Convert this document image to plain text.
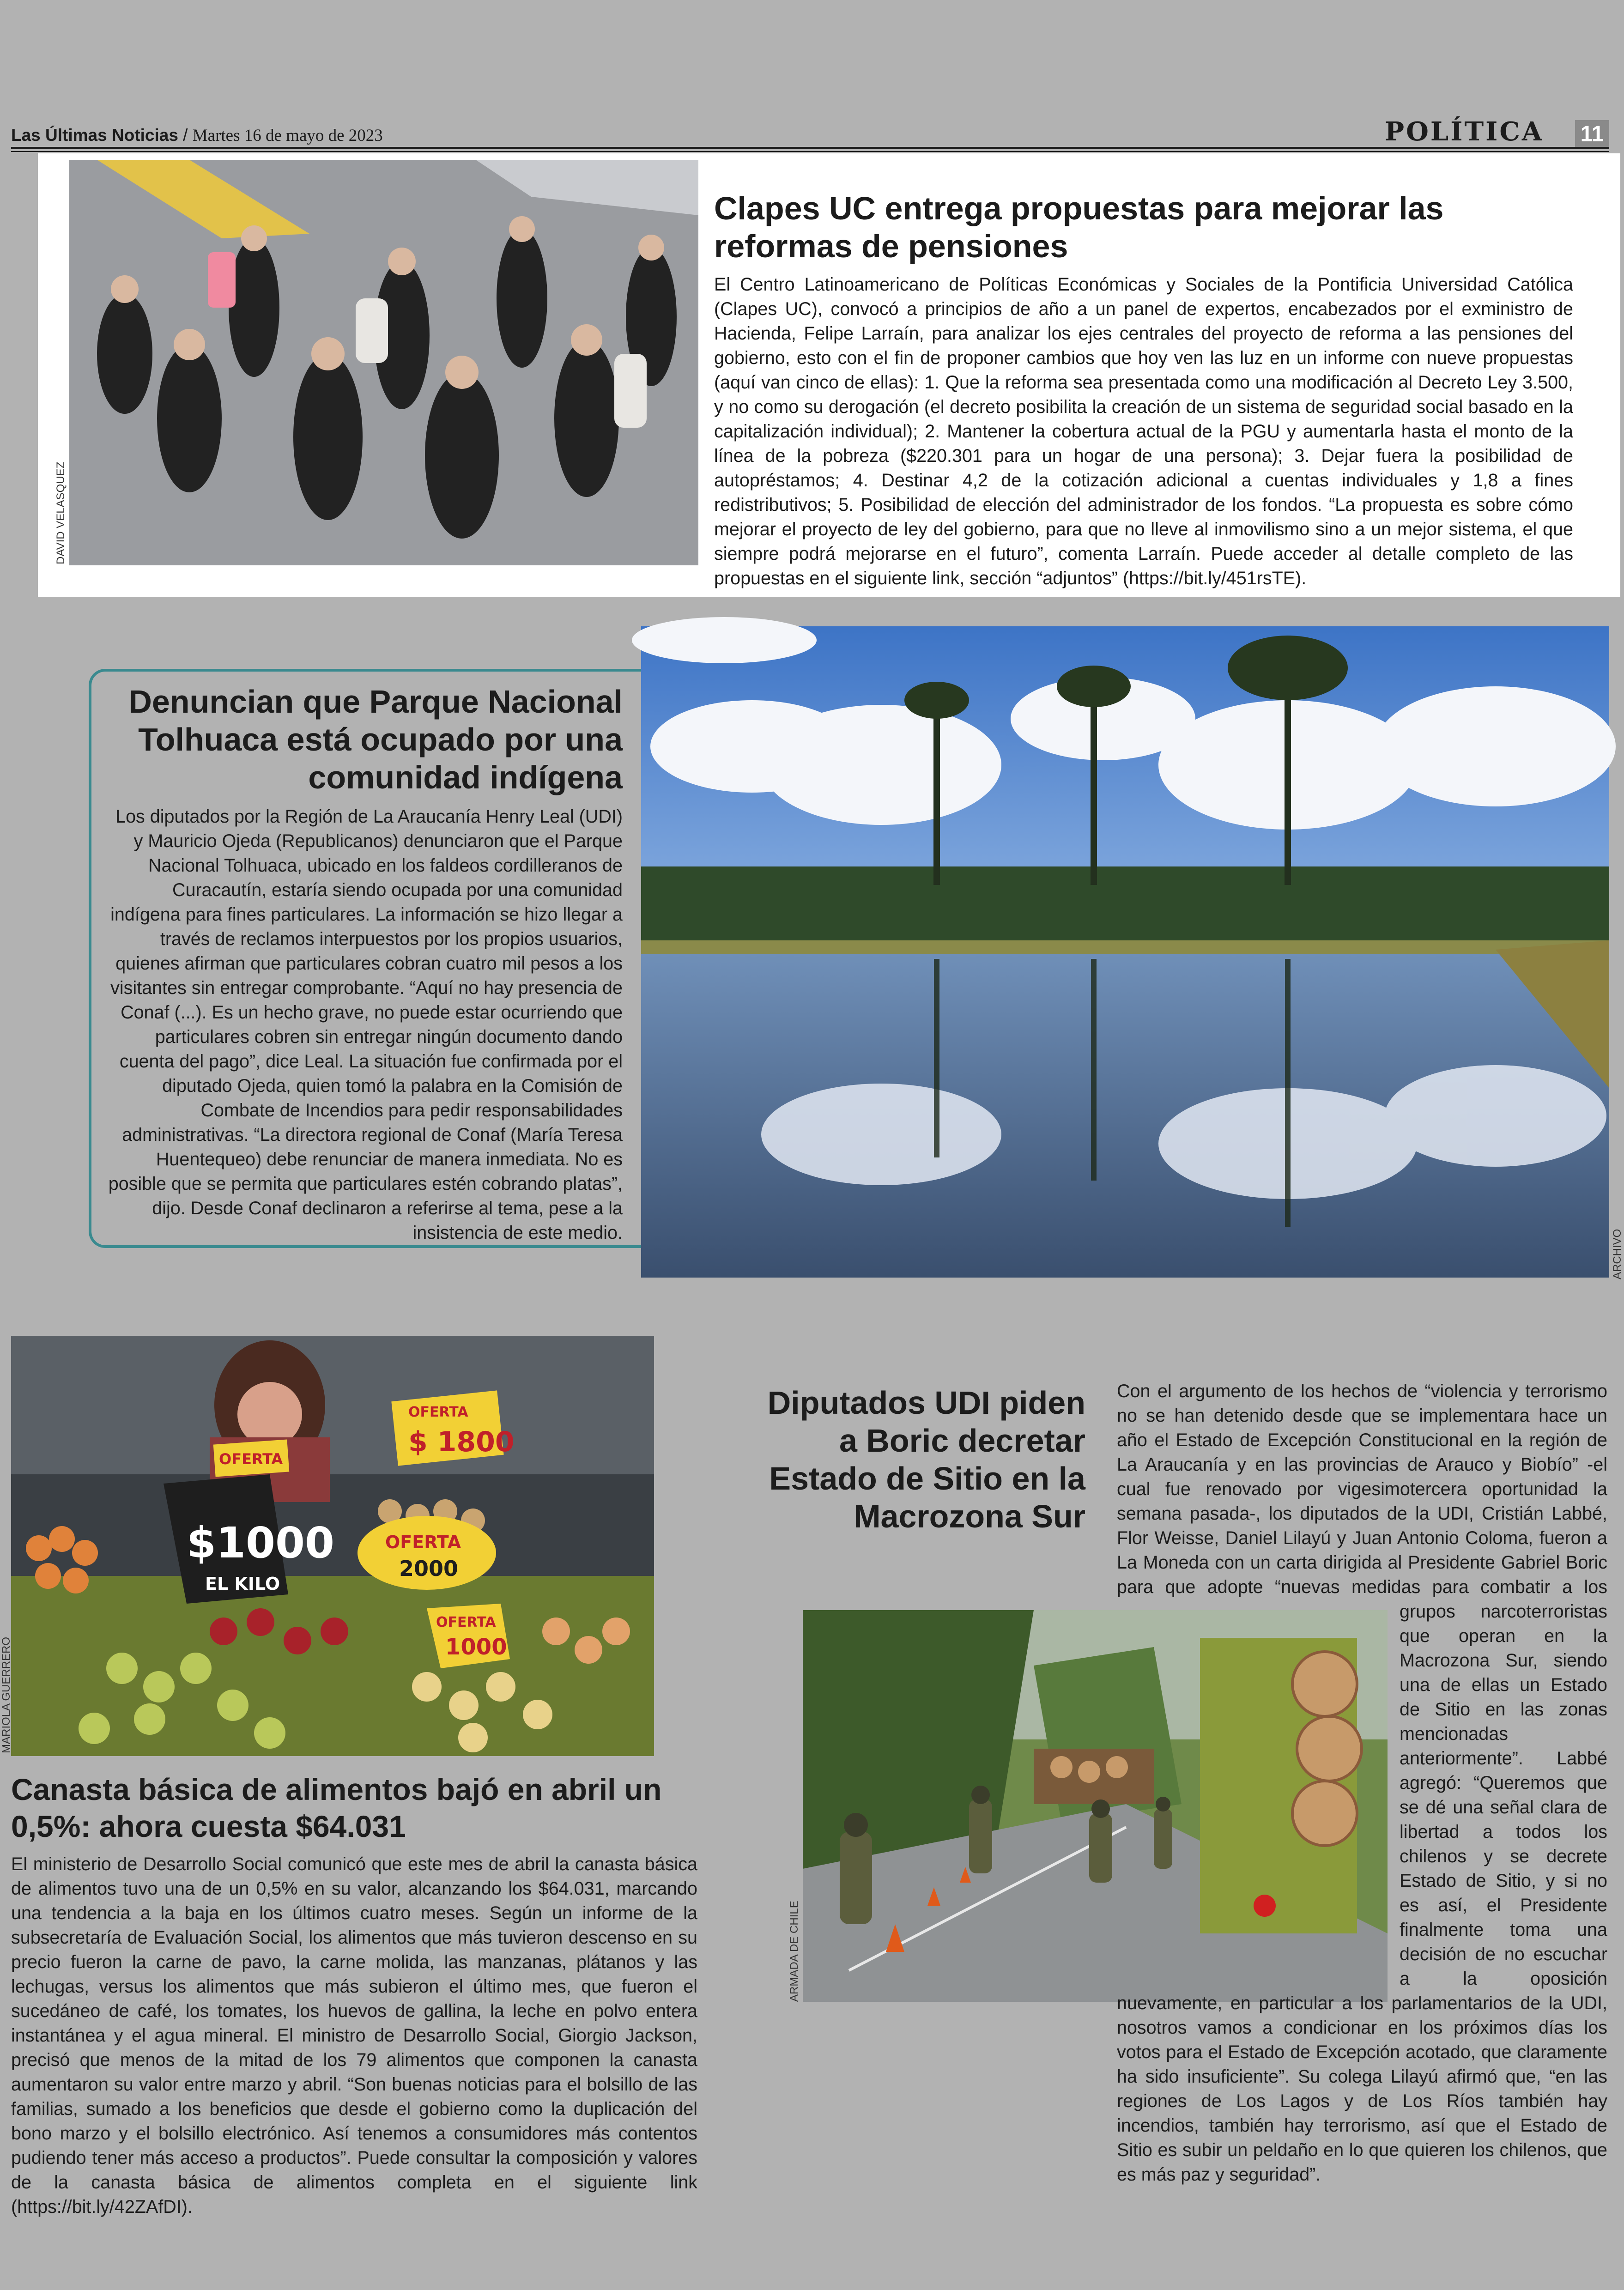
Las Últimas Noticias / Martes 16 de mayo de 2023	POLÍTICA 11
DAVID VELASQUEZ
Clapes UC entrega propuestas para mejorar las reformas de pensiones
El Centro Latinoamericano de Políticas Económicas y Sociales de la Pontificia Universidad Católica (Clapes UC), convocó a principios de año a un panel de expertos, encabezados por el exministro de Hacienda, Felipe Larraín, para analizar los ejes centrales del proyecto de reforma a las pensiones del gobierno, esto con el fin de proponer cambios que hoy ven las luz en un informe con nueve propuestas (aquí van cinco de ellas): 1. Que la reforma sea presentada como una modificación al Decreto Ley 3.500, y no como su derogación (el decreto posibilita la creación de un sistema de seguridad social basado en la capitalización individual); 2. Mantener la cobertura actual de la PGU y aumentarla hasta el monto de la línea de la pobreza ($220.301 para un hogar de una persona); 3. Dejar fuera la posibilidad de autopréstamos; 4. Destinar 4,2 de la cotización adicional a cuentas individuales y 1,8 a fines redistributivos; 5. Posibilidad de elección del administrador de los fondos. “La propuesta es sobre cómo mejorar el proyecto de ley del gobierno, para que no lleve al inmovilismo sino a un mejor sistema, el que siempre podrá mejorarse en el futuro”, comenta Larraín. Puede acceder al detalle completo de las propuestas en el siguiente link, sección “adjuntos” (https://bit.ly/451rsTE).
Denuncian que Parque Nacional Tolhuaca está ocupado por una comunidad indígena
Los diputados por la Región de La Araucanía Henry Leal (UDI) y Mauricio Ojeda (Republicanos) denunciaron que el Parque Nacional Tolhuaca, ubicado en los faldeos cordilleranos de Curacautín, estaría siendo ocupada por una comunidad indígena para fines particulares. La información se hizo llegar a través de reclamos interpuestos por los propios usuarios, quienes afirman que particulares cobran cuatro mil pesos a los visitantes sin entregar comprobante. “Aquí no hay presencia de Conaf (...). Es un hecho grave, no puede estar ocurriendo que particulares cobren sin entregar ningún documento dando cuenta del pago”, dice Leal. La situación fue confirmada por el diputado Ojeda, quien tomó la palabra en la Comisión de Combate de Incendios para pedir responsabilidades administrativas. “La directora regional de Conaf (María Teresa Huentequeo) debe renunciar de manera inmediata. No es posible que se permita que particulares estén cobrando platas”, dijo. Desde Conaf declinaron a referirse al tema, pese a la insistencia de este medio.	ARCHIVO
OFERTA
$ 1800
OFERTA
$1000
EL KILO
OFERTA
2000
OFERTA
1000
MARIOLA GUERRERO
Canasta básica de alimentos bajó en abril un 0,5%: ahora cuesta $64.031
El ministerio de Desarrollo Social comunicó que este mes de abril la canasta básica de alimentos tuvo una de un 0,5% en su valor, alcanzando los $64.031, marcando una tendencia a la baja en los últimos cuatro meses. Según un informe de la subsecretaría de Evaluación Social, los alimentos que más tuvieron descenso en su precio fueron la carne de pavo, la carne molida, las manzanas, plátanos y las lechugas, versus los alimentos que más subieron el último mes, que fueron el sucedáneo de café, los tomates, los huevos de gallina, la leche en polvo entera instantánea y el agua mineral. El ministro de Desarrollo Social, Giorgio Jackson, precisó que menos de la mitad de los 79 alimentos que componen la canasta aumentaron su valor entre marzo y abril. “Son buenas noticias para el bolsillo de las familias, sumado a los beneficios que desde el gobierno como la duplicación del bono marzo y el bolsillo electrónico. Así tenemos a consumidores más contentos pudiendo tener más acceso a productos”. Puede consultar la composición y valores de la canasta básica de alimentos completa en el siguiente link (https://bit.ly/42ZAfDI).
Diputados UDI piden a Boric decretar Estado de Sitio en la Macrozona Sur
ARMADA DE CHILE
Con el argumento de los hechos de “violencia y terrorismo no se han detenido desde que se implementara hace un año el Estado de Excepción Constitucional en la región de La Araucanía y en las provincias de Arauco y Biobío” -el cual fue renovado por vigesimotercera oportunidad la semana pasada-, los diputados de la UDI, Cristián Labbé, Flor Weisse, Daniel Lilayú y Juan Antonio Coloma, fueron a La Moneda con un carta dirigida al Presidente Gabriel Boric para que adopte “nuevas medidas para combatir a los grupos narcoterroristas que operan en la Macrozona Sur, siendo una de ellas un Estado de Sitio en las zonas mencionadas anteriormente”. Labbé agregó: “Queremos que se dé una señal clara de libertad a todos los chilenos y se decrete Estado de Sitio, y si no es así, el Presidente finalmente toma una decisión de no escuchar a la oposición nuevamente, en particular a los parlamentarios de la UDI, nosotros vamos a condicionar en los próximos días los votos para el Estado de Excepción acotado, que claramente ha sido insuficiente”. Su colega Lilayú afirmó que, “en las regiones de Los Lagos y de Los Ríos también hay incendios, también hay terrorismo, así que el Estado de Sitio es subir un peldaño en lo que quieren los chilenos, que es más paz y seguridad”.
